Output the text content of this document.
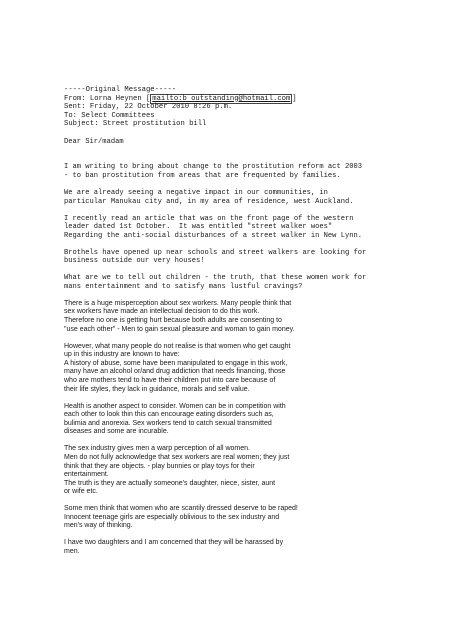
-----Original Message-----
From: Lorna Heynen [ mailto:b outstanding@hotmail.com ]
Sent: Friday, 22 October 2010 8:26 p.m.
To: Select Committees
Subject: Street prostitution bill
Dear Sir/madam
I am writing to bring about change to the prostitution reform act 2003
- to ban prostitution from areas that are frequented by families.
We are already seeing a negative impact in our communities, in
particular Manukau city and, in my area of residence, west Auckland.
I recently read an article that was on the front page of the western
leader dated 1st October.  It was entitled "street walker woes"
Regarding the anti-social disturbances of a street walker in New Lynn.
Brothels have opened up near schools and street walkers are looking for
business outside our very houses!
What are we to tell out children - the truth, that these women work for
mans entertainment and to satisfy mans lustful cravings?
There is a huge misperception about sex workers. Many people think that
sex workers have made an intellectual decision to do this work.
Therefore no one is getting hurt because both adults are consenting to
"use each other" - Men to gain sexual pleasure and woman to gain money.
However, what many people do not realise is that women who get caught
up in this industry are known to have:
A history of abuse, some have been manipulated to engage in this work,
many have an alcohol or/and drug addiction that needs financing, those
who are mothers tend to have their children put into care because of
their life styles, they lack in guidance, morals and self value.
Health is another aspect to consider. Women can be in competition with
each other to look thin this can encourage eating disorders such as,
bulimia and anorexia. Sex workers tend to catch sexual transmitted
diseases and some are incurable.
The sex industry gives men a warp perception of all women.
Men do not fully acknowledge that sex workers are real women; they just
think that they are objects. - play bunnies or play toys for their
entertainment.
The truth is they are actually someone's daughter, niece, sister, aunt
or wife etc.
Some men think that women who are scantily dressed deserve to be raped!
Innocent teenage girls are especially oblivious to the sex industry and
men's way of thinking.
I have two daughters and I am concerned that they will be harassed by
men.
